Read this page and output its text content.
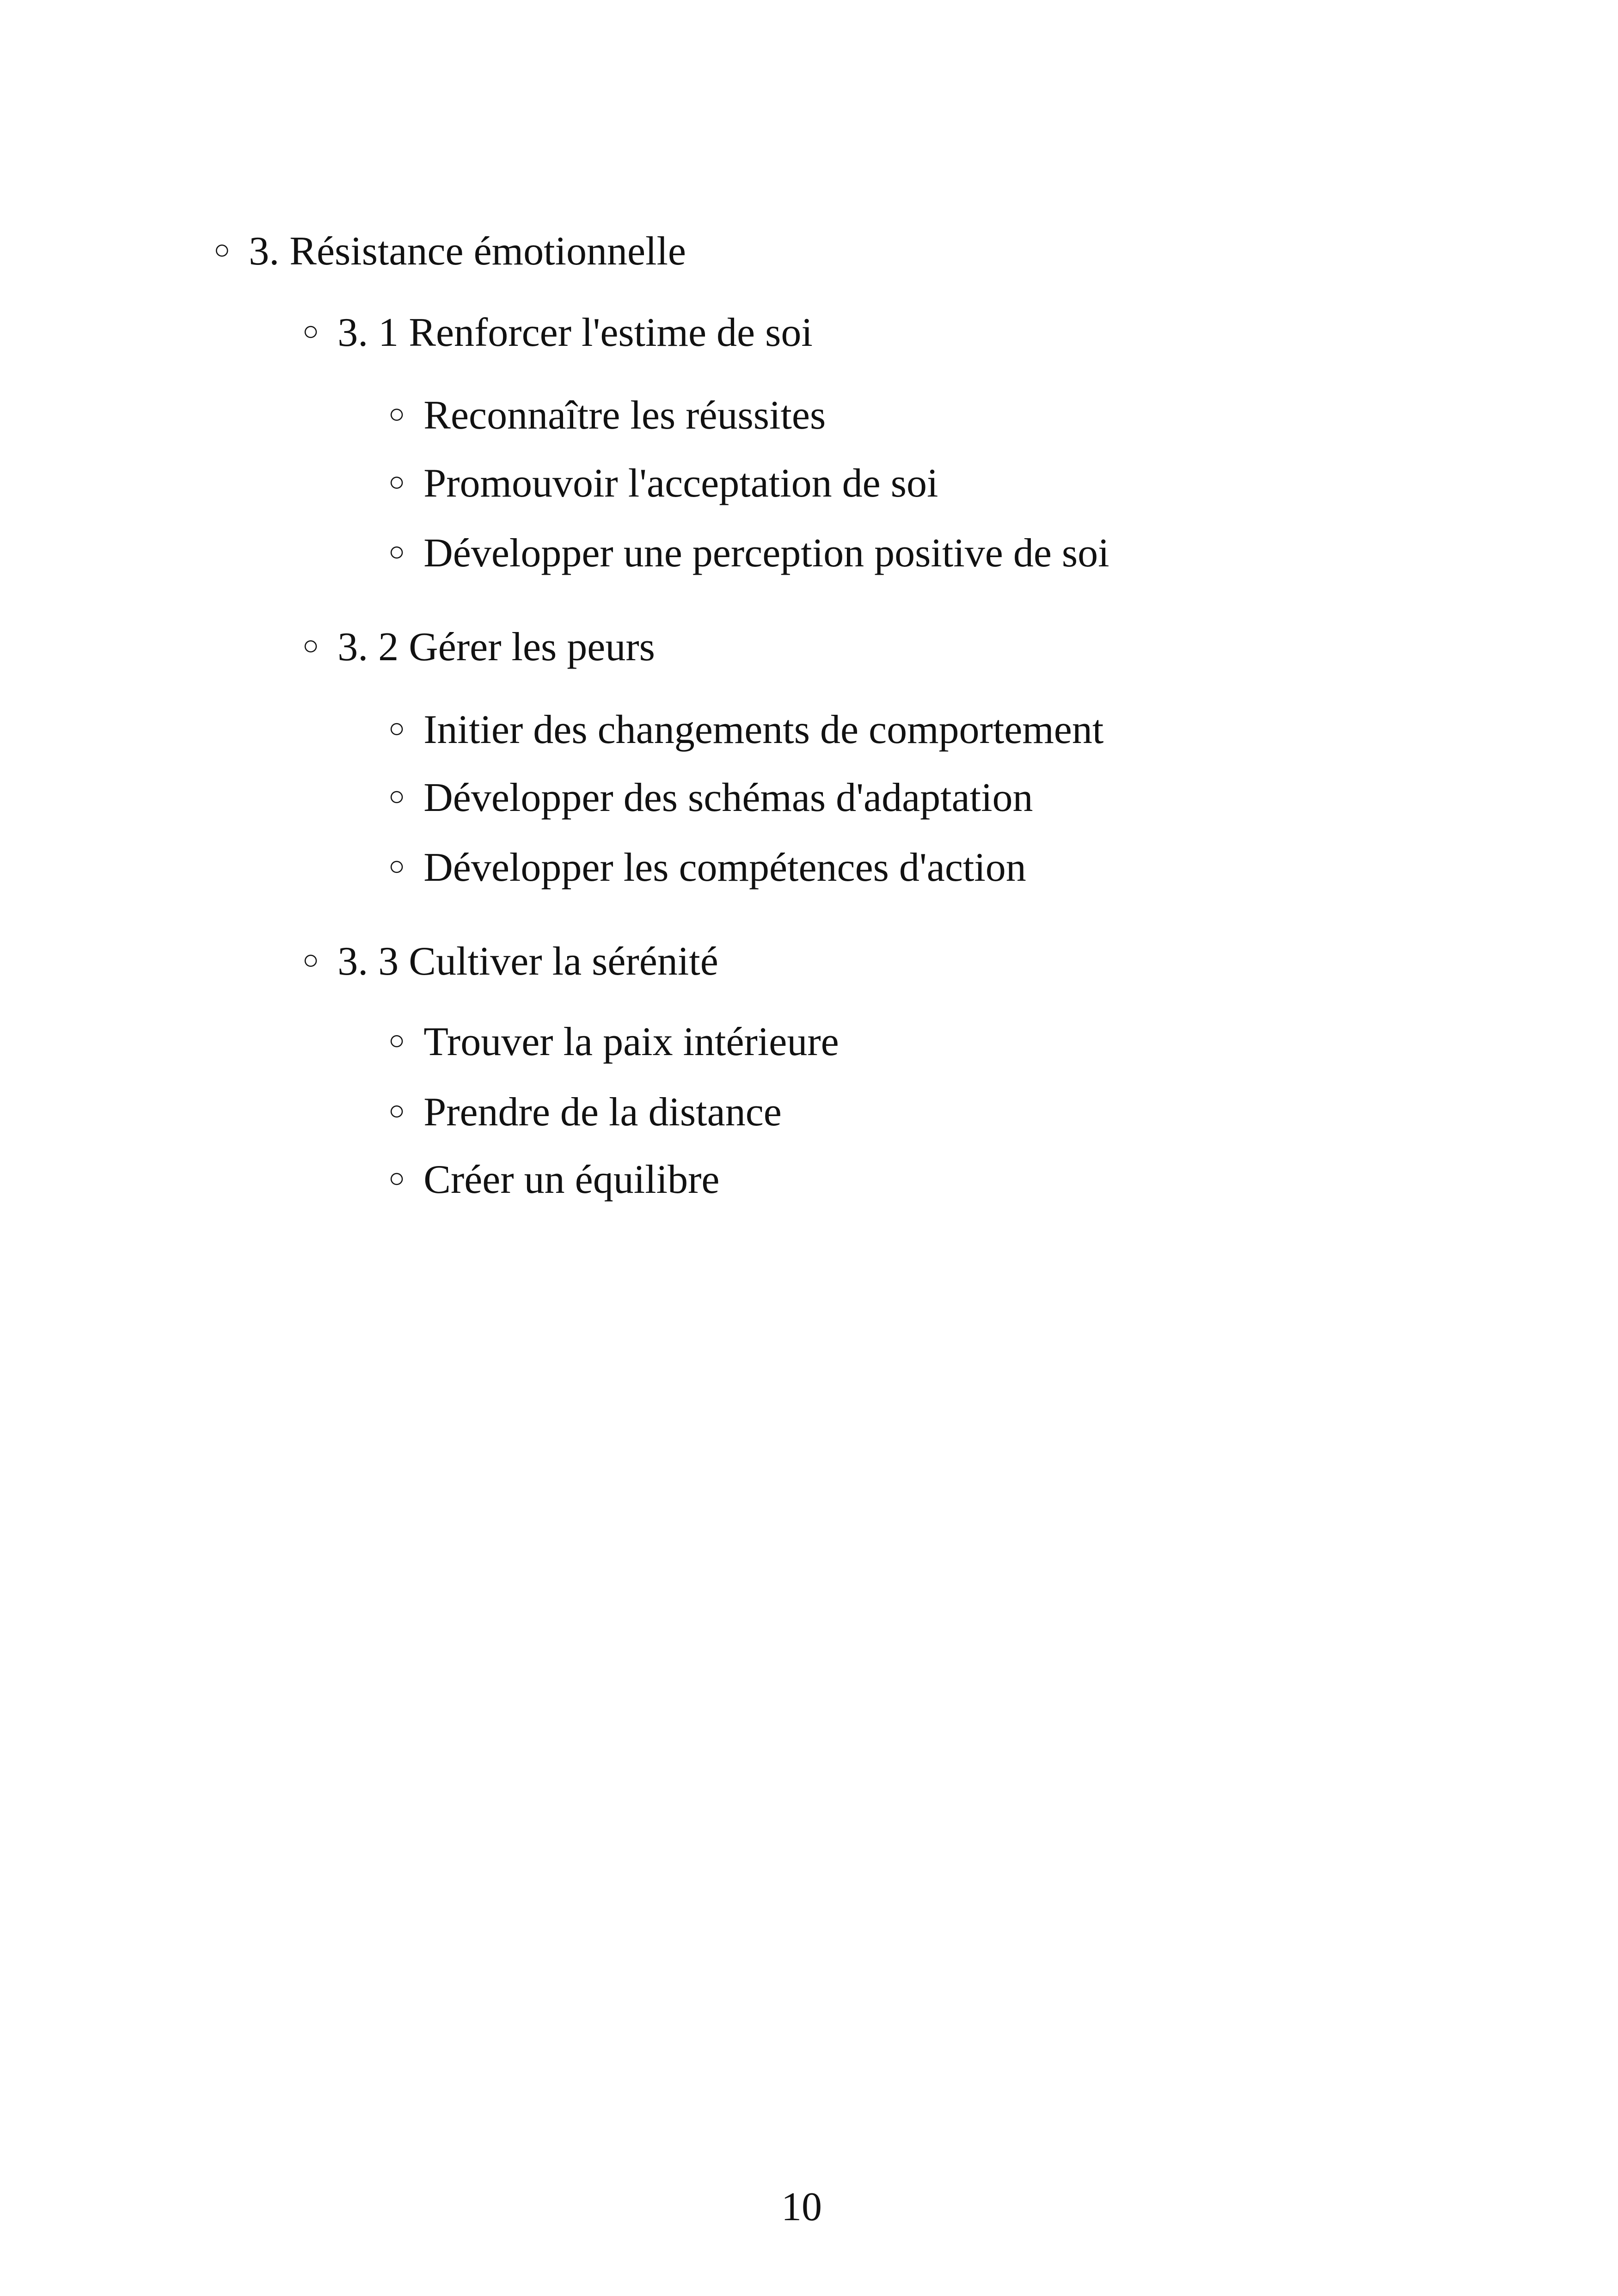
○ 3. Résistance émotionnelle
○ 3. 1 Renforcer l'estime de soi
○ Reconnaître les réussites
○ Promouvoir l'acceptation de soi
○ Développer une perception positive de soi
○ 3. 2 Gérer les peurs
○ Initier des changements de comportement
○ Développer des schémas d'adaptation
○ Développer les compétences d'action
○ 3. 3 Cultiver la sérénité
○ Trouver la paix intérieure
○ Prendre de la distance
○ Créer un équilibre
10
